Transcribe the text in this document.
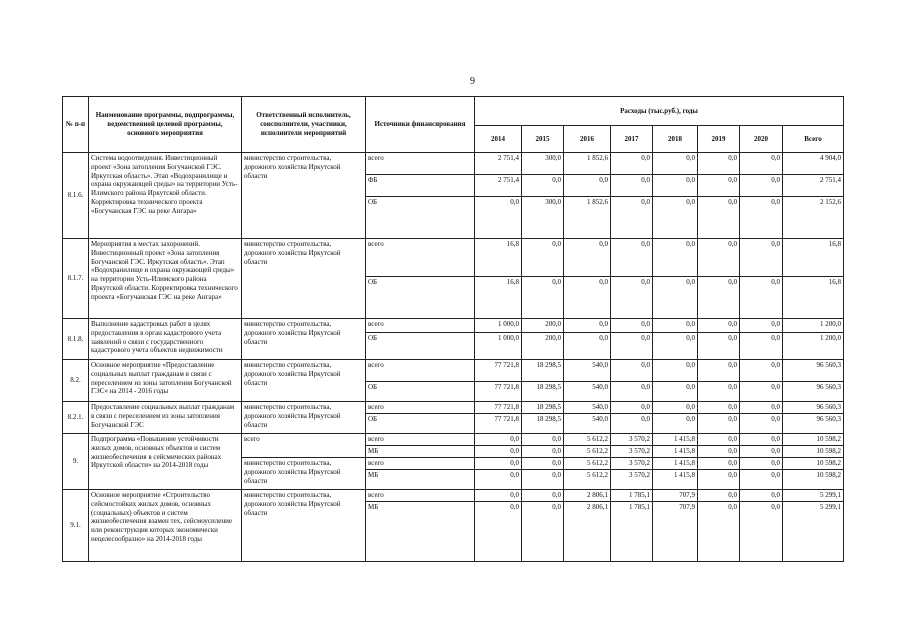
9
№ п-п	Наименование программы, подпрограммы, ведомственной целевой программы, основного мероприятия	Ответственный исполнитель, соисполнители, участники, исполнители мероприятий	Источники финансирования	Расходы (тыс.руб.), годы							
				2014	2015	2016	2017	2018	2019	2020	Всего
8.1.6.	Система водоотведения. Инвестиционный проект «Зона затопления Богучанской ГЭС. Иркутская область». Этап «Водохранилище и охрана окружающей среды» на территории Усть-Илимского района Иркутской области. Корректировка технического проекта «Богучанская ГЭС на реке Ангара»	министерство строительства, дорожного хозяйства Иркутской области	всего	2 751,4	300,0	1 852,6	0,0	0,0	0,0	0,0	4 904,0
			ФБ	2 751,4	0,0	0,0	0,0	0,0	0,0	0,0	2 751,4
			ОБ	0,0	300,0	1 852,6	0,0	0,0	0,0	0,0	2 152,6
8.1.7.	Мероприятия в местах захоронений. Инвестиционный проект «Зона затопления Богучанской ГЭС. Иркутская область». Этап «Водохранилище и охрана окружающей среды» на территории Усть-Илимского района Иркутской области. Корректировка технического проекта «Богучанская ГЭС на реке Ангара»	министерство строительства, дорожного хозяйства Иркутской области	всего	16,8	0,0	0,0	0,0	0,0	0,0	0,0	16,8
			ОБ	16,8	0,0	0,0	0,0	0,0	0,0	0,0	16,8
8.1.8.	Выполнение кадастровых работ в целях предоставления в орган кадастрового учета заявлений о связи с государственного кадастрового учета объектов недвижимости	министерство строительства, дорожного хозяйства Иркутской области	всего	1 000,0	200,0	0,0	0,0	0,0	0,0	0,0	1 200,0
			ОБ	1 000,0	200,0	0,0	0,0	0,0	0,0	0,0	1 200,0
8.2.	Основное мероприятие «Предоставление социальных выплат гражданам в связи с переселением из зоны затопления Богучанской ГЭС» на 2014 - 2016 годы	министерство строительства, дорожного хозяйства Иркутской области	всего	77 721,8	18 298,5	540,0	0,0	0,0	0,0	0,0	96 560,3
			ОБ	77 721,8	18 298,5	540,0	0,0	0,0	0,0	0,0	96 560,3
8.2.1.	Предоставление социальных выплат гражданам в связи с переселением из зоны затопления Богучанской ГЭС	министерство строительства, дорожного хозяйства Иркутской области	всего	77 721,8	18 298,5	540,0	0,0	0,0	0,0	0,0	96 560,3
			ОБ	77 721,8	18 298,5	540,0	0,0	0,0	0,0	0,0	96 560,3
9.	Подпрограмма «Повышение устойчивости жилых домов, основных объектов и систем жизнеобеспечения в сейсмических районах Иркутской области» на 2014-2018 годы	всего	всего	0,0	0,0	5 612,2	3 570,2	1 415,8	0,0	0,0	10 598,2
			МБ	0,0	0,0	5 612,2	3 570,2	1 415,8	0,0	0,0	10 598,2
		министерство строительства, дорожного хозяйства Иркутской области	всего	0,0	0,0	5 612,2	3 570,2	1 415,8	0,0	0,0	10 598,2
			МБ	0,0	0,0	5 612,2	3 570,2	1 415,8	0,0	0,0	10 598,2
9.1.	Основное мероприятие «Строительство сейсмостойких жилых домов, основных (социальных) объектов и систем жизнеобеспечения взамен тех, сейсмоусиление или реконструкция которых экономически нецелесообразно» на 2014-2018 годы	министерство строительства, дорожного хозяйства Иркутской области	всего	0,0	0,0	2 806,1	1 785,1	707,9	0,0	0,0	5 299,1
			МБ	0,0	0,0	2 806,1	1 785,1	707,9	0,0	0,0	5 299,1
